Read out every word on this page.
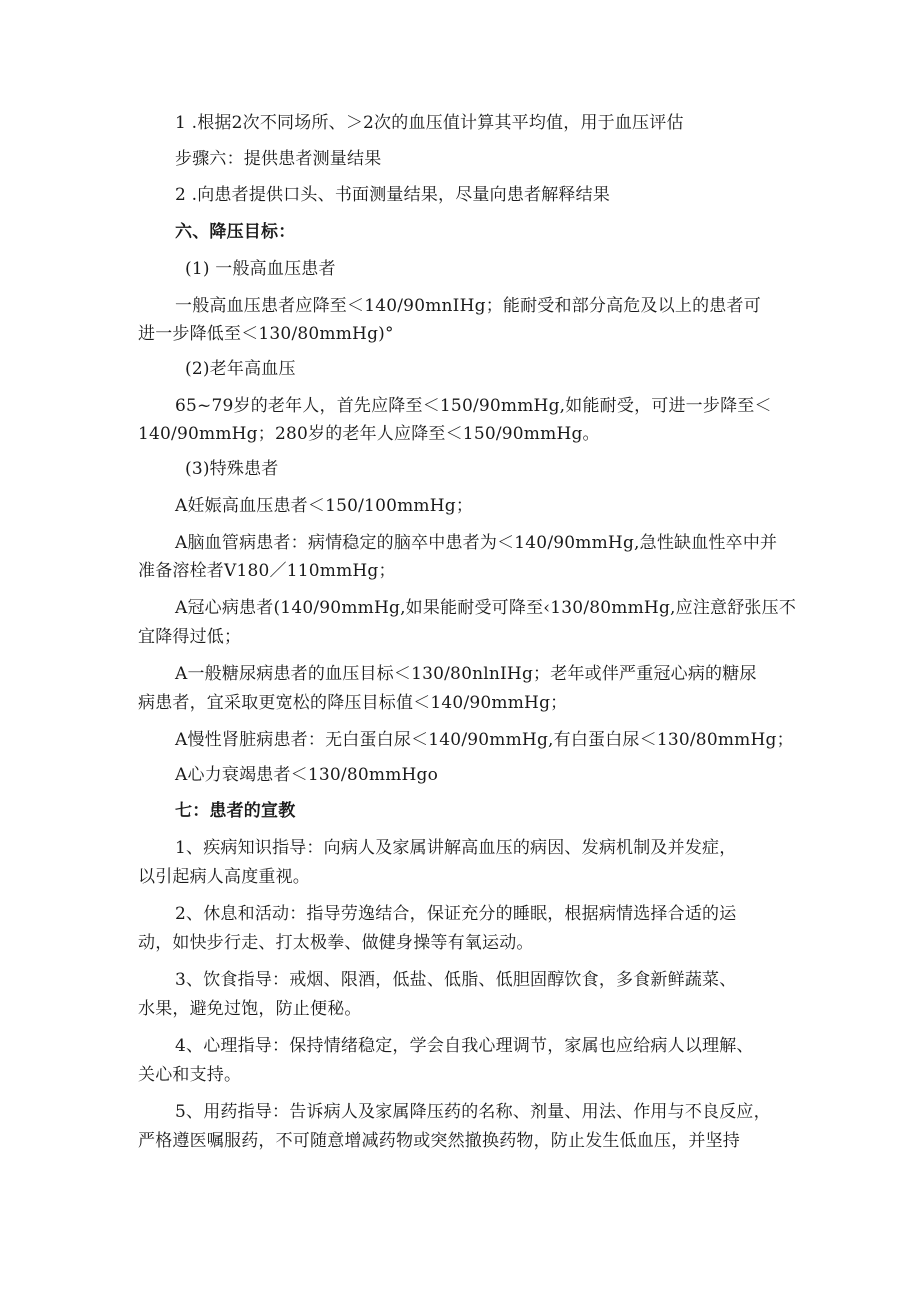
1 .根据2次不同场所、＞2次的血压值计算其平均值，用于血压评估
步骤六：提供患者测量结果
2 .向患者提供口头、书面测量结果，尽量向患者解释结果
六、降压目标：
(1) 一般高血压患者
一般高血压患者应降至＜140/90mnIHg；能耐受和部分高危及以上的患者可
进一步降低至＜130/80mmHg)°
(2)老年高血压
65~79岁的老年人，首先应降至＜150/90mmHg,如能耐受，可进一步降至＜
140/90mmHg；280岁的老年人应降至＜150/90mmHg。
(3)特殊患者
A妊娠高血压患者＜150/100mmHg；
A脑血管病患者：病情稳定的脑卒中患者为＜140/90mmHg,急性缺血性卒中并
准备溶栓者V180／110mmHg；
A冠心病患者(140/90mmHg,如果能耐受可降至‹130/80mmHg,应注意舒张压不
宜降得过低；
A一般糖尿病患者的血压目标＜130/80nlnIHg；老年或伴严重冠心病的糖尿
病患者，宜采取更宽松的降压目标值＜140/90mmHg；
A慢性肾脏病患者：无白蛋白尿＜140/90mmHg,有白蛋白尿＜130/80mmHg；
A心力衰竭患者＜130/80mmHgo
七：患者的宣教
1、疾病知识指导：向病人及家属讲解高血压的病因、发病机制及并发症，
以引起病人高度重视。
2、休息和活动：指导劳逸结合，保证充分的睡眠，根据病情选择合适的运
动，如快步行走、打太极拳、做健身操等有氧运动。
3、饮食指导：戒烟、限酒，低盐、低脂、低胆固醇饮食，多食新鲜蔬菜、
水果，避免过饱，防止便秘。
4、心理指导：保持情绪稳定，学会自我心理调节，家属也应给病人以理解、
关心和支持。
5、用药指导：告诉病人及家属降压药的名称、剂量、用法、作用与不良反应，
严格遵医嘱服药，不可随意增减药物或突然撤换药物，防止发生低血压，并坚持
